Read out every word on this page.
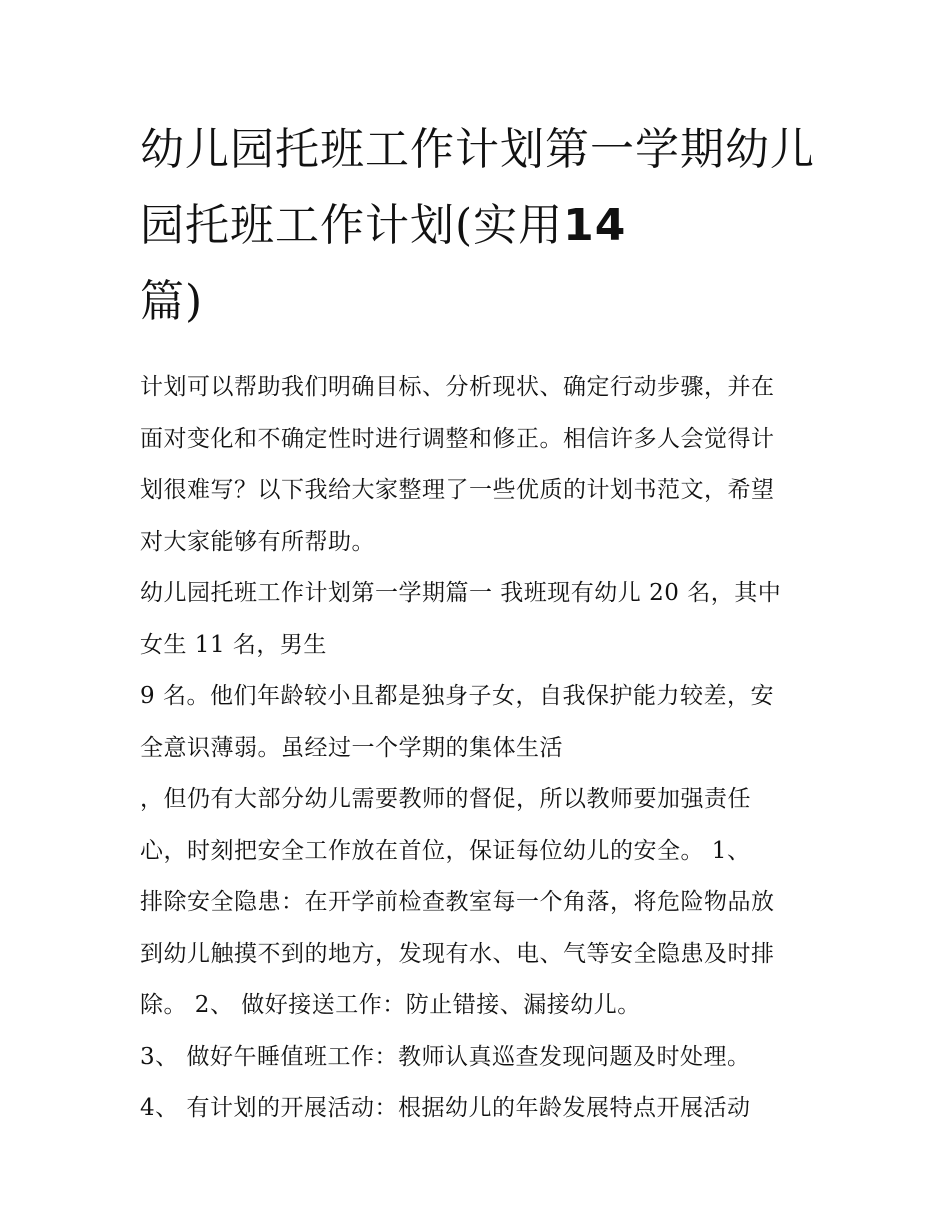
幼儿园托班工作计划第一学期幼儿园托班工作计划(实用14
篇)

计划可以帮助我们明确目标、分析现状、确定行动步骤，并在
面对变化和不确定性时进行调整和修正。相信许多人会觉得计
划很难写？以下我给大家整理了一些优质的计划书范文，希望
对大家能够有所帮助。

幼儿园托班工作计划第一学期篇一 我班现有幼儿 20 名，其中
女生 11 名，男生
9 名。他们年龄较小且都是独身子女，自我保护能力较差，安
全意识薄弱。虽经过一个学期的集体生活
，但仍有大部分幼儿需要教师的督促，所以教师要加强责任
心，时刻把安全工作放在首位，保证每位幼儿的安全。 1、
排除安全隐患：在开学前检查教室每一个角落，将危险物品放
到幼儿触摸不到的地方，发现有水、电、气等安全隐患及时排
除。 2、 做好接送工作：防止错接、漏接幼儿。
3、 做好午睡值班工作：教师认真巡查发现问题及时处理。
4、 有计划的开展活动：根据幼儿的年龄发展特点开展活动
